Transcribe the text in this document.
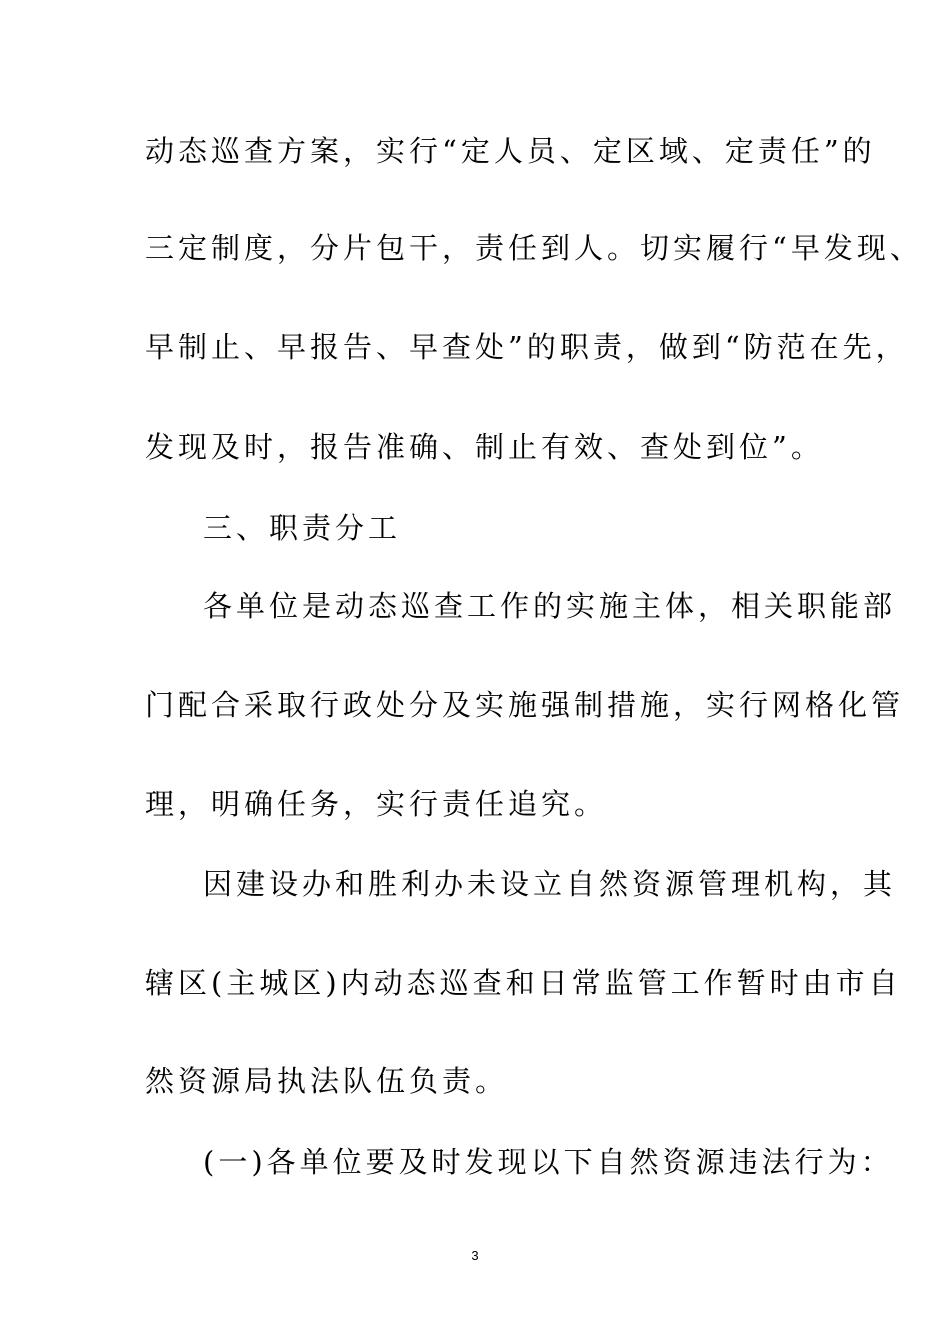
动态巡查方案，实行“定人员、定区域、定责任”的

三定制度，分片包干，责任到人。切实履行“早发现、

早制止、早报告、早查处”的职责，做到“防范在先，

发现及时，报告准确、制止有效、查处到位”。

三、职责分工

各单位是动态巡查工作的实施主体，相关职能部

门配合采取行政处分及实施强制措施，实行网格化管

理，明确任务，实行责任追究。

因建设办和胜利办未设立自然资源管理机构，其

辖区(主城区)内动态巡查和日常监管工作暂时由市自

然资源局执法队伍负责。

(一)各单位要及时发现以下自然资源违法行为：

3
